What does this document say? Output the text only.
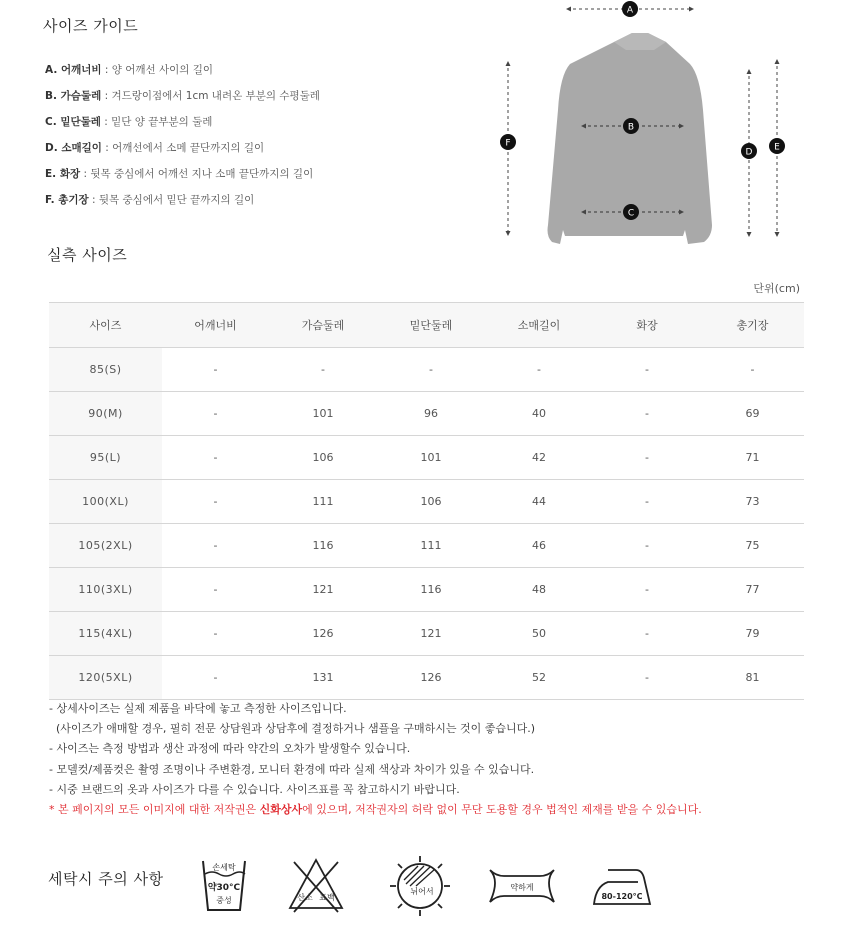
사이즈 가이드
A. 어깨너비 : 양 어깨선 사이의 길이
B. 가슴둘레 : 겨드랑이점에서 1cm 내려온 부분의 수평둘레
C. 밑단둘레 : 밑단 양 끝부분의 둘레
D. 소매길이 : 어깨선에서 소메 끝단까지의 길이
E. 화장 : 뒷목 중심에서 어깨선 지나 소매 끝단까지의 길이
F. 총기장 : 뒷목 중심에서 밑단 끝까지의 길이
A
B
C
F
D E
실측 사이즈
단위(cm)
사이즈	어깨너비	가슴둘레	밑단둘레	소매길이	화장	총기장
85(S)	-	-	-	-	-	-
90(M)	-	101	96	40	-	69
95(L)	-	106	101	42	-	71
100(XL)	-	111	106	44	-	73
105(2XL)	-	116	111	46	-	75
110(3XL)	-	121	116	48	-	77
115(4XL)	-	126	121	50	-	79
120(5XL)	-	131	126	52	-	81
- 상세사이즈는 실제 제품을 바닥에 놓고 측정한 사이즈입니다.
(사이즈가 애매할 경우, 필히 전문 상담원과 상담후에 결정하거나 샘플을 구매하시는 것이 좋습니다.)
- 사이즈는 측정 방법과 생산 과정에 따라 약간의 오차가 발생할수 있습니다.
- 모델컷/제품컷은 촬영 조명이나 주변환경, 모니터 환경에 따라 실제 색상과 차이가 있을 수 있습니다.
- 시중 브랜드의 옷과 사이즈가 다를 수 있습니다. 사이즈표를 꼭 참고하시기 바랍니다.
* 본 페이지의 모든 이미지에 대한 저작권은 신화상사에 있으며, 저작권자의 허락 없이 무단 도용할 경우 법적인 제재를 받을 수 있습니다.
세탁시 주의 사항
손세탁
약30°C
중성	산소 표백
뉘어서	약하게
80-120°C
